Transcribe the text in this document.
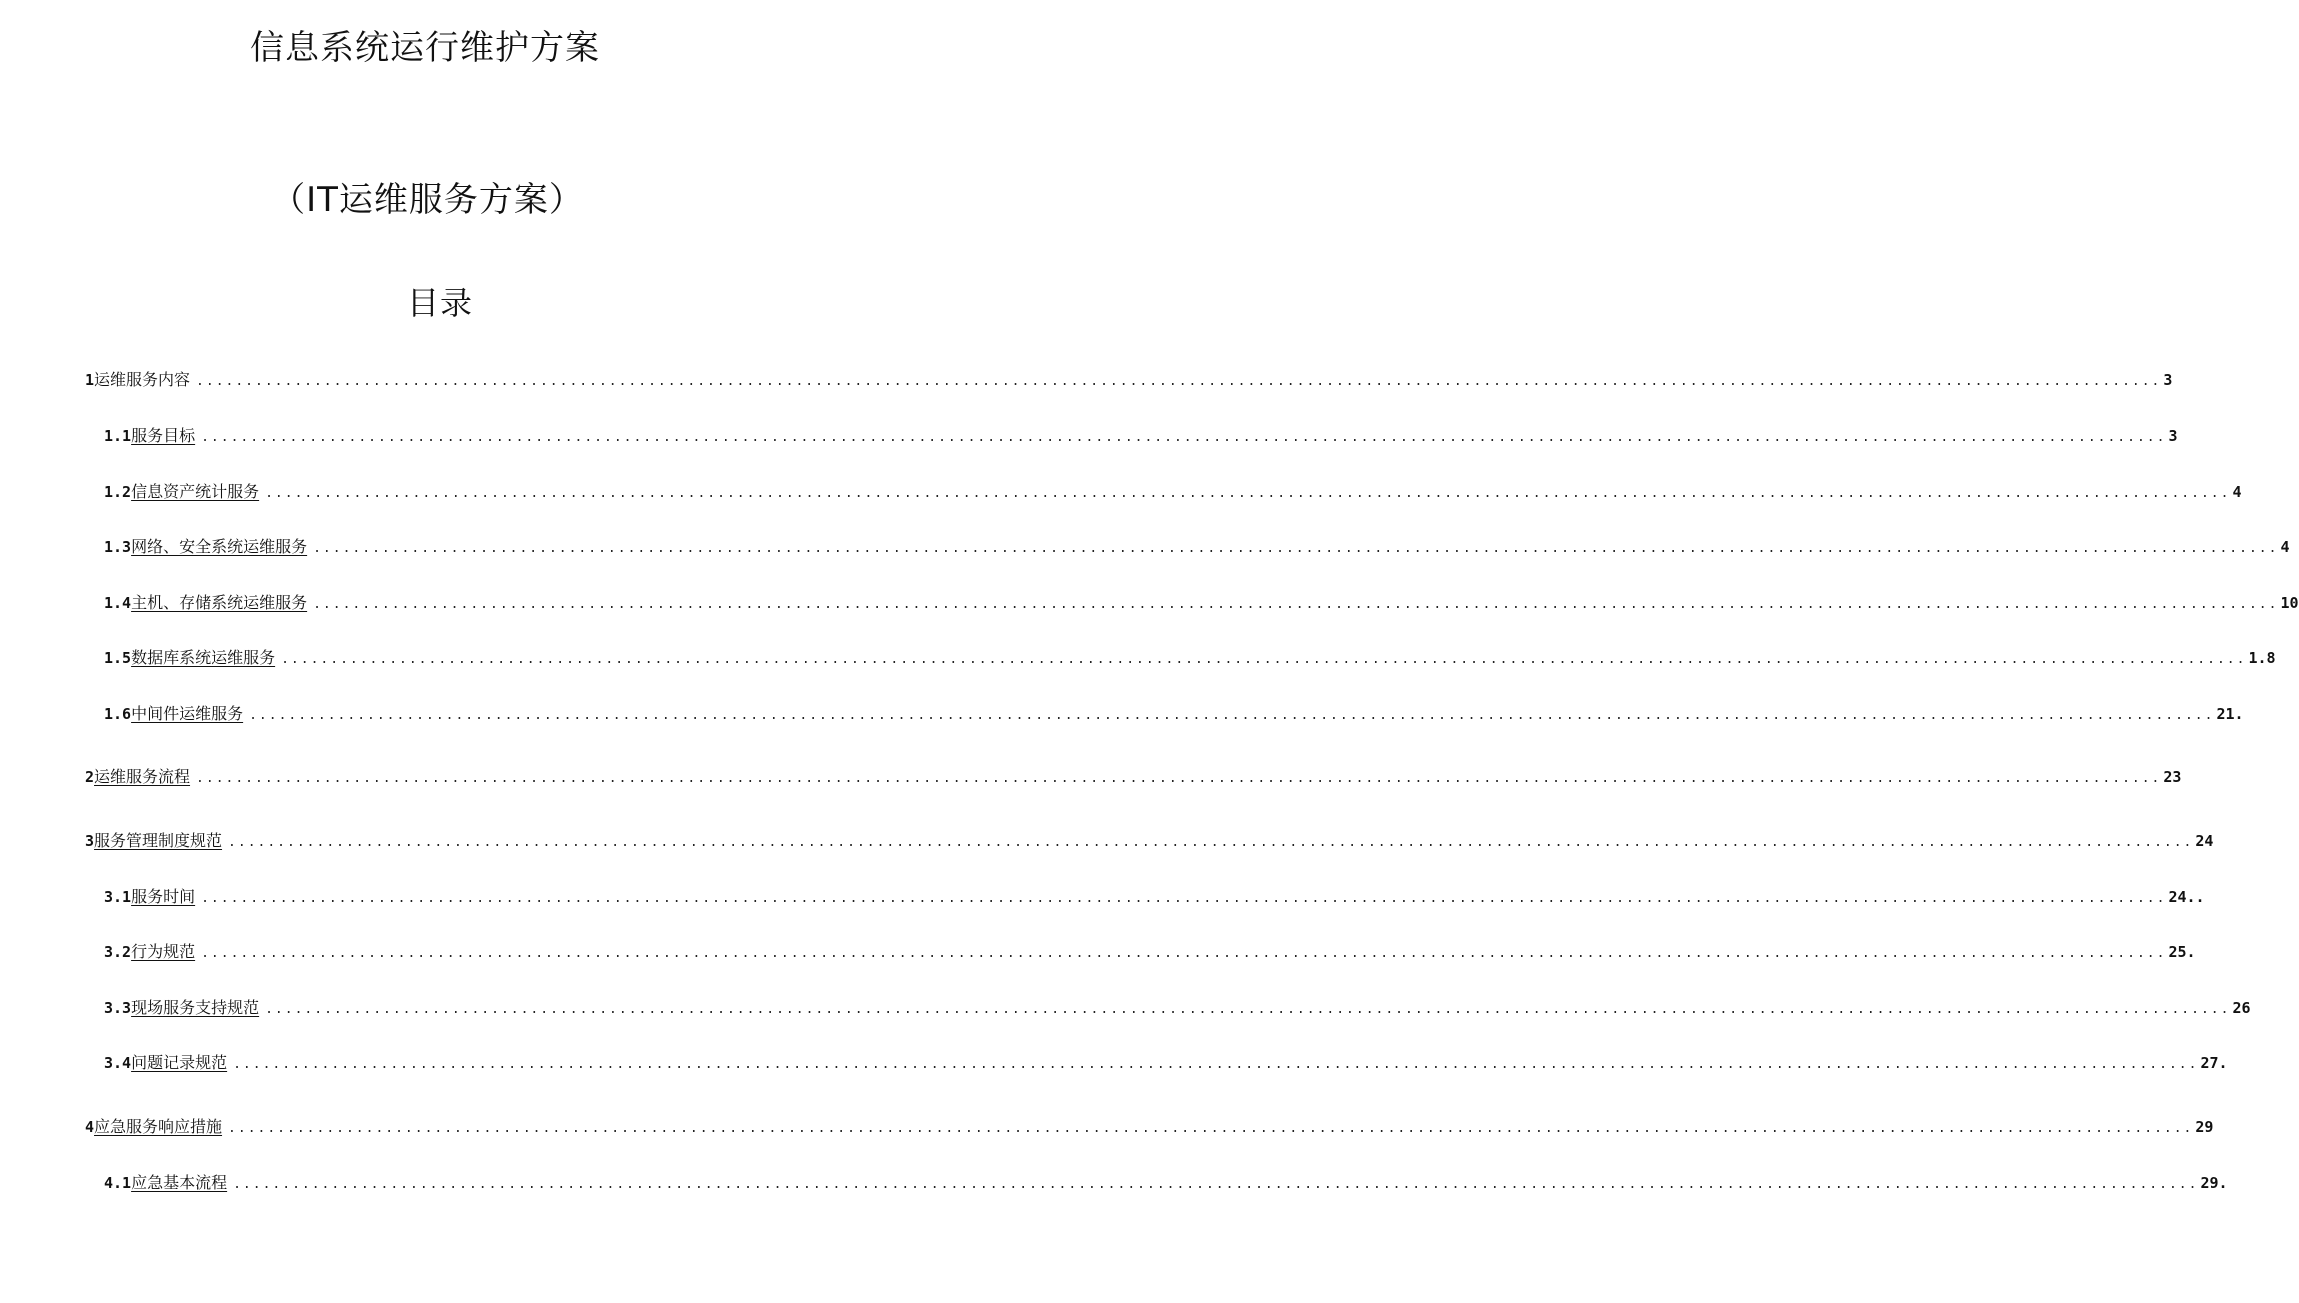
信息系统运行维护方案
（IT运维服务方案）
目录
1 运维服务内容 ........................................................................................................................................................................................................ 3
1.1 服务目标 ........................................................................................................................................................................................................ 3
1.2 信息资产统计服务 ........................................................................................................................................................................................................ 4
1.3 网络、安全系统运维服务 ........................................................................................................................................................................................................ 4
1.4 主机、存储系统运维服务 ........................................................................................................................................................................................................ 10
1.5 数据库系统运维服务 ........................................................................................................................................................................................................ 1.8
1.6 中间件运维服务 ........................................................................................................................................................................................................ 21.
2 运维服务流程 ........................................................................................................................................................................................................ 23
3 服务管理制度规范 ........................................................................................................................................................................................................ 24
3.1 服务时间 ........................................................................................................................................................................................................ 24..
3.2 行为规范 ........................................................................................................................................................................................................ 25.
3.3 现场服务支持规范 ........................................................................................................................................................................................................ 26
3.4 问题记录规范 ........................................................................................................................................................................................................ 27.
4 应急服务响应措施 ........................................................................................................................................................................................................ 29
4.1 应急基本流程 ........................................................................................................................................................................................................ 29.
